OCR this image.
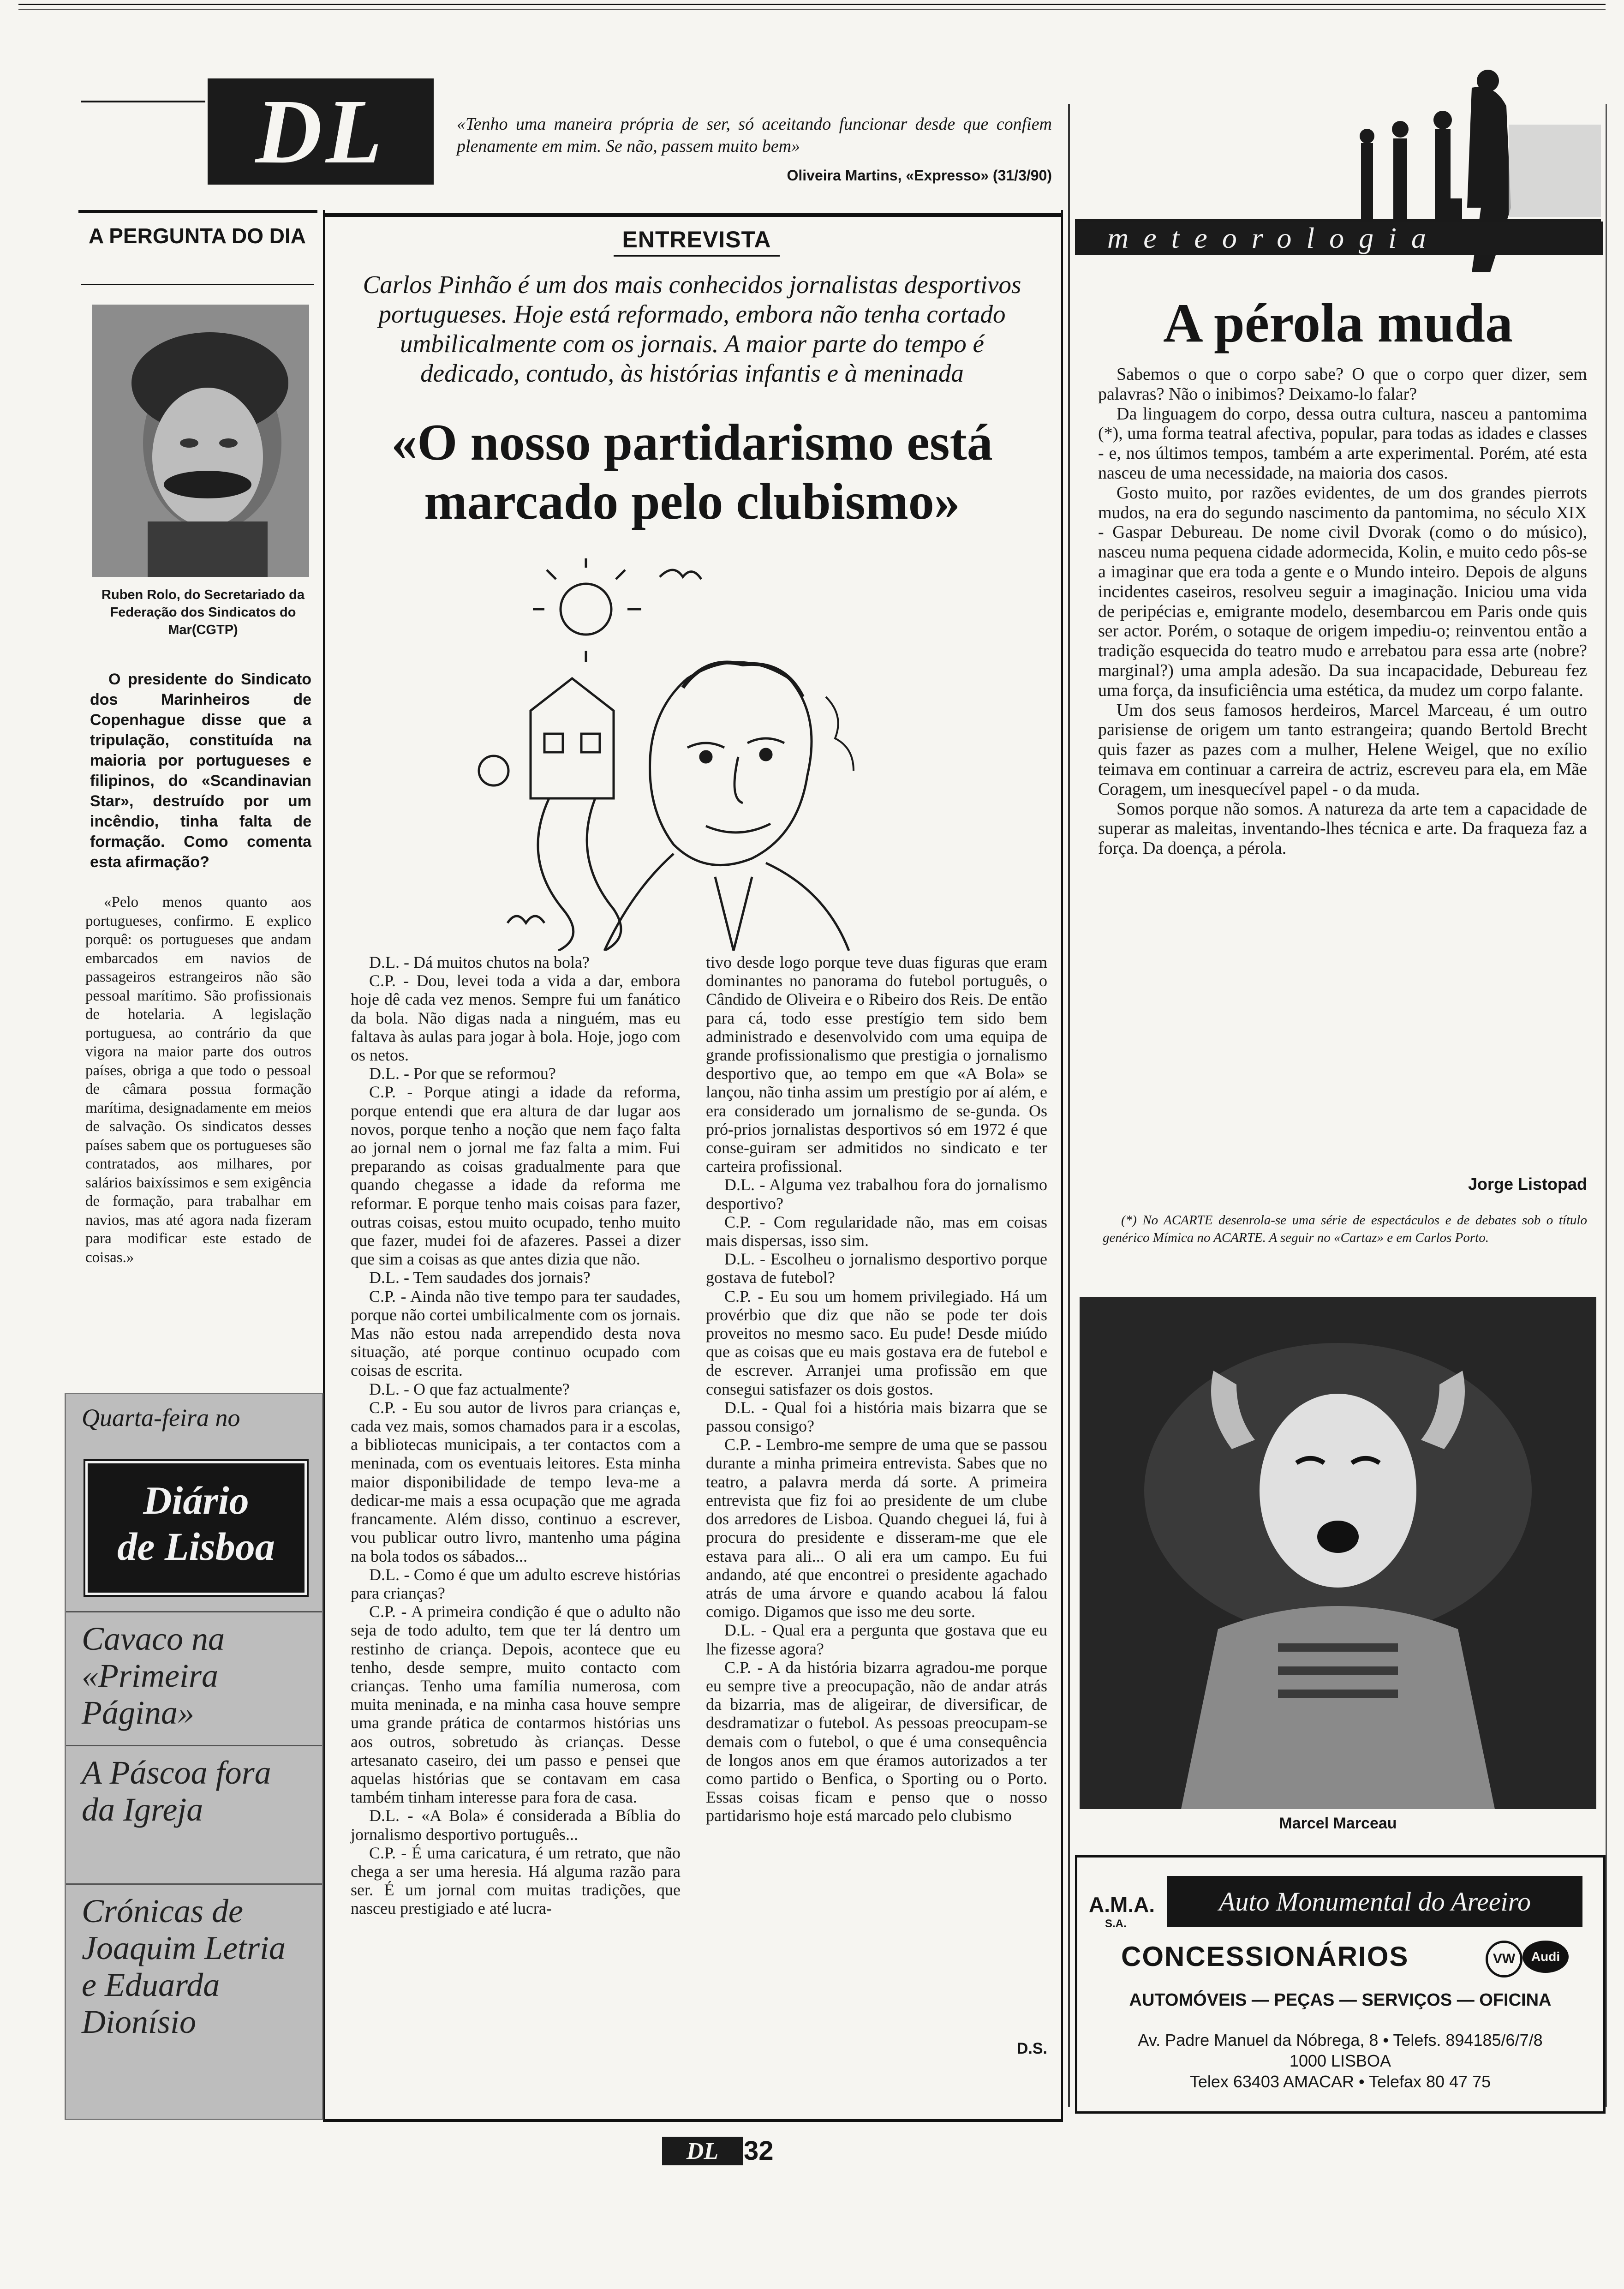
DL	«Tenho uma maneira própria de ser, só aceitando funcionar desde que confiem plenamente em mim. Se não, passem muito bem»
Oliveira Martins, «Expresso» (31/3/90)
A PERGUNTA DO DIA
Ruben Rolo, do Secretariado da Federação dos Sindicatos do Mar(CGTP)
O presidente do Sindicato dos Marinheiros de Copenhague disse que a tripulação, constituída na maioria por portugueses e filipinos, do «Scandinavian Star», destruído por um incêndio, tinha falta de formação. Como comenta esta afirmação?
«Pelo menos quanto aos portugueses, confirmo. E explico porquê: os portugueses que andam embarcados em navios de passageiros estrangeiros não são pessoal marítimo. São profissionais de hotelaria. A legislação portuguesa, ao contrário da que vigora na maior parte dos outros países, obriga a que todo o pessoal de câmara possua formação marítima, designadamente em meios de salvação. Os sindicatos desses países sabem que os portugueses são contratados, aos milhares, por salários baixíssimos e sem exigência de formação, para trabalhar em navios, mas até agora nada fizeram para modificar este estado de coisas.»
Quarta-feira no
Diário
de Lisboa
Cavaco na «Primeira Página»
A Páscoa fora da Igreja
Crónicas de Joaquim Letria e Eduarda Dionísio
ENTREVISTA
Carlos Pinhão é um dos mais conhecidos jornalistas desportivos portugueses. Hoje está reformado, embora não tenha cortado umbilicalmente com os jornais. A maior parte do tempo é dedicado, contudo, às histórias infantis e à meninada
«O nosso partidarismo está marcado pelo clubismo»

D.L. - Dá muitos chutos na bola?

C.P. - Dou, levei toda a vida a dar, embora hoje dê cada vez menos. Sempre fui um fanático da bola. Não digas nada a ninguém, mas eu faltava às aulas para jogar à bola. Hoje, jogo com os netos.

D.L. - Por que se reformou?

C.P. - Porque atingi a idade da reforma, porque entendi que era altura de dar lugar aos novos, porque tenho a noção que nem faço falta ao jornal nem o jornal me faz falta a mim. Fui preparando as coisas gradualmente para que quando chegasse a idade da reforma me reformar. E porque tenho mais coisas para fazer, outras coisas, estou muito ocupado, tenho muito que fazer, mudei foi de afazeres. Passei a dizer que sim a coisas as que antes dizia que não.

D.L. - Tem saudades dos jornais?

C.P. - Ainda não tive tempo para ter saudades, porque não cortei umbilicalmente com os jornais. Mas não estou nada arrependido desta nova situação, até porque continuo ocupado com coisas de escrita.

D.L. - O que faz actualmente?

C.P. - Eu sou autor de livros para crianças e, cada vez mais, somos chamados para ir a escolas, a bibliotecas municipais, a ter contactos com a meninada, com os eventuais leitores. Esta minha maior disponibilidade de tempo leva-me a dedicar-me mais a essa ocupação que me agrada francamente. Além disso, continuo a escrever, vou publicar outro livro, mantenho uma página na bola todos os sábados...

D.L. - Como é que um adulto escreve histórias para crianças?

C.P. - A primeira condição é que o adulto não seja de todo adulto, tem que ter lá dentro um restinho de criança. Depois, acontece que eu tenho, desde sempre, muito contacto com crianças. Tenho uma família numerosa, com muita meninada, e na minha casa houve sempre uma grande prática de contarmos histórias uns aos outros, sobretudo às crianças. Desse artesanato caseiro, dei um passo e pensei que aquelas histórias que se contavam em casa também tinham interesse para fora de casa.

D.L. - «A Bola» é considerada a Bíblia do jornalismo desportivo português...

C.P. - É uma caricatura, é um retrato, que não chega a ser uma heresia. Há alguma razão para ser. É um jornal com muitas tradições, que nasceu prestigiado e até lucra-

tivo desde logo porque teve duas figuras que eram dominantes no panorama do futebol português, o Cândido de Oliveira e o Ribeiro dos Reis. De então para cá, todo esse prestígio tem sido bem administrado e desenvolvido com uma equipa de grande profissionalismo que prestigia o jornalismo desportivo que, ao tempo em que «A Bola» se lançou, não tinha assim um prestígio por aí além, e era considerado um jornalismo de se-gunda. Os pró-prios jornalistas desportivos só em 1972 é que conse-guiram ser admitidos no sindicato e ter carteira profissional.

D.L. - Alguma vez trabalhou fora do jornalismo desportivo?

C.P. - Com regularidade não, mas em coisas mais dispersas, isso sim.

D.L. - Escolheu o jornalismo desportivo porque gostava de futebol?

C.P. - Eu sou um homem privilegiado. Há um provérbio que diz que não se pode ter dois proveitos no mesmo saco. Eu pude! Desde miúdo que as coisas que eu mais gostava era de futebol e de escrever. Arranjei uma profissão em que consegui satisfazer os dois gostos.

D.L. - Qual foi a história mais bizarra que se passou consigo?

C.P. - Lembro-me sempre de uma que se passou durante a minha primeira entrevista. Sabes que no teatro, a palavra merda dá sorte. A primeira entrevista que fiz foi ao presidente de um clube dos arredores de Lisboa. Quando cheguei lá, fui à procura do presidente e disseram-me que ele estava para ali... O ali era um campo. Eu fui andando, até que encontrei o presidente agachado atrás de uma árvore e quando acabou lá falou comigo. Digamos que isso me deu sorte.

D.L. - Qual era a pergunta que gostava que eu lhe fizesse agora?

C.P. - A da história bizarra agradou-me porque eu sempre tive a preocupação, não de andar atrás da bizarria, mas de aligeirar, de diversificar, de desdramatizar o futebol. As pessoas preocupam-se demais com o futebol, o que é uma consequência de longos anos em que éramos autorizados a ter como partido o Benfica, o Sporting ou o Porto. Essas coisas ficam e penso que o nosso partidarismo hoje está marcado pelo clubismo

D.S.
meteorologia
A pérola muda

Sabemos o que o corpo sabe? O que o corpo quer dizer, sem palavras? Não o inibimos? Deixamo-lo falar?

Da linguagem do corpo, dessa outra cultura, nasceu a pantomima (*), uma forma teatral afectiva, popular, para todas as idades e classes - e, nos últimos tempos, também a arte experimental. Porém, até esta nasceu de uma necessidade, na maioria dos casos.

Gosto muito, por razões evidentes, de um dos grandes pierrots mudos, na era do segundo nascimento da pantomima, no século XIX - Gaspar Debureau. De nome civil Dvorak (como o do músico), nasceu numa pequena cidade adormecida, Kolin, e muito cedo pôs-se a imaginar que era toda a gente e o Mundo inteiro. Depois de alguns incidentes caseiros, resolveu seguir a imaginação. Iniciou uma vida de peripécias e, emigrante modelo, desembarcou em Paris onde quis ser actor. Porém, o sotaque de origem impediu-o; reinventou então a tradição esquecida do teatro mudo e arrebatou para essa arte (nobre? marginal?) uma ampla adesão. Da sua incapacidade, Debureau fez uma força, da insuficiência uma estética, da mudez um corpo falante.

Um dos seus famosos herdeiros, Marcel Marceau, é um outro parisiense de origem um tanto estrangeira; quando Bertold Brecht quis fazer as pazes com a mulher, Helene Weigel, que no exílio teimava em continuar a carreira de actriz, escreveu para ela, em Mãe Coragem, um inesquecível papel - o da muda.

Somos porque não somos. A natureza da arte tem a capacidade de superar as maleitas, inventando-lhes técnica e arte. Da fraqueza faz a força. Da doença, a pérola.

Jorge Listopad
(*) No ACARTE desenrola-se uma série de espectáculos e de debates sob o título genérico Mímica no ACARTE. A seguir no «Cartaz» e em Carlos Porto.
Marcel Marceau
A.M.A.
S.A.
Auto Monumental do Areeiro
CONCESSIONÁRIOS	VW Audi
AUTOMÓVEIS — PEÇAS — SERVIÇOS — OFICINA
Av. Padre Manuel da Nóbrega, 8 • Telefs. 894185/6/7/8
1000 LISBOA
Telex 63403 AMACAR • Telefax 80 47 75
DL 32
